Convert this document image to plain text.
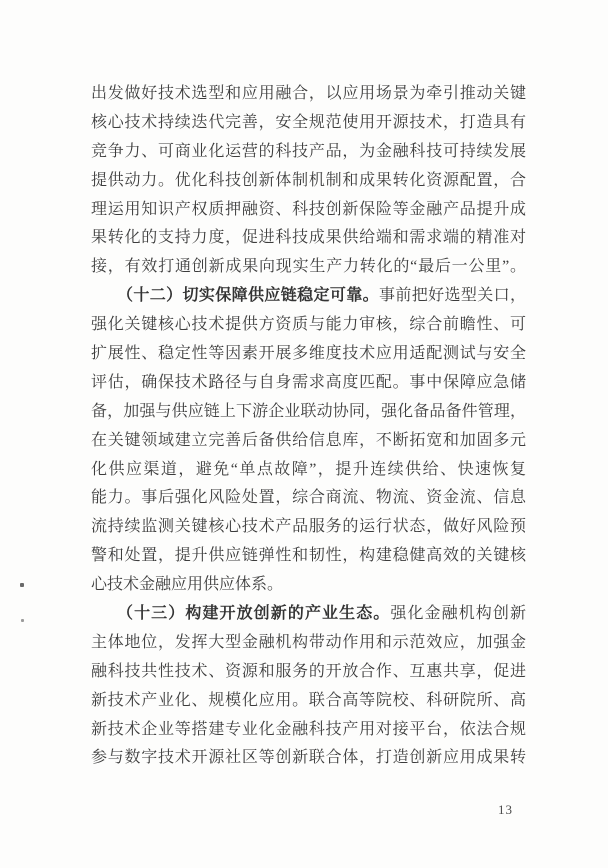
出发做好技术选型和应用融合，以应用场景为牵引推动关键
核心技术持续迭代完善，安全规范使用开源技术，打造具有
竞争力、可商业化运营的科技产品，为金融科技可持续发展
提供动力。优化科技创新体制机制和成果转化资源配置，合
理运用知识产权质押融资、科技创新保险等金融产品提升成
果转化的支持力度，促进科技成果供给端和需求端的精准对
接，有效打通创新成果向现实生产力转化的“最后一公里”。
（十二）切实保障供应链稳定可靠。事前把好选型关口，
强化关键核心技术提供方资质与能力审核，综合前瞻性、可
扩展性、稳定性等因素开展多维度技术应用适配测试与安全
评估，确保技术路径与自身需求高度匹配。事中保障应急储
备，加强与供应链上下游企业联动协同，强化备品备件管理，
在关键领域建立完善后备供给信息库，不断拓宽和加固多元
化供应渠道，避免“单点故障”，提升连续供给、快速恢复
能力。事后强化风险处置，综合商流、物流、资金流、信息
流持续监测关键核心技术产品服务的运行状态，做好风险预
警和处置，提升供应链弹性和韧性，构建稳健高效的关键核
心技术金融应用供应体系。
（十三）构建开放创新的产业生态。强化金融机构创新
主体地位，发挥大型金融机构带动作用和示范效应，加强金
融科技共性技术、资源和服务的开放合作、互惠共享，促进
新技术产业化、规模化应用。联合高等院校、科研院所、高
新技术企业等搭建专业化金融科技产用对接平台，依法合规
参与数字技术开源社区等创新联合体，打造创新应用成果转
13
